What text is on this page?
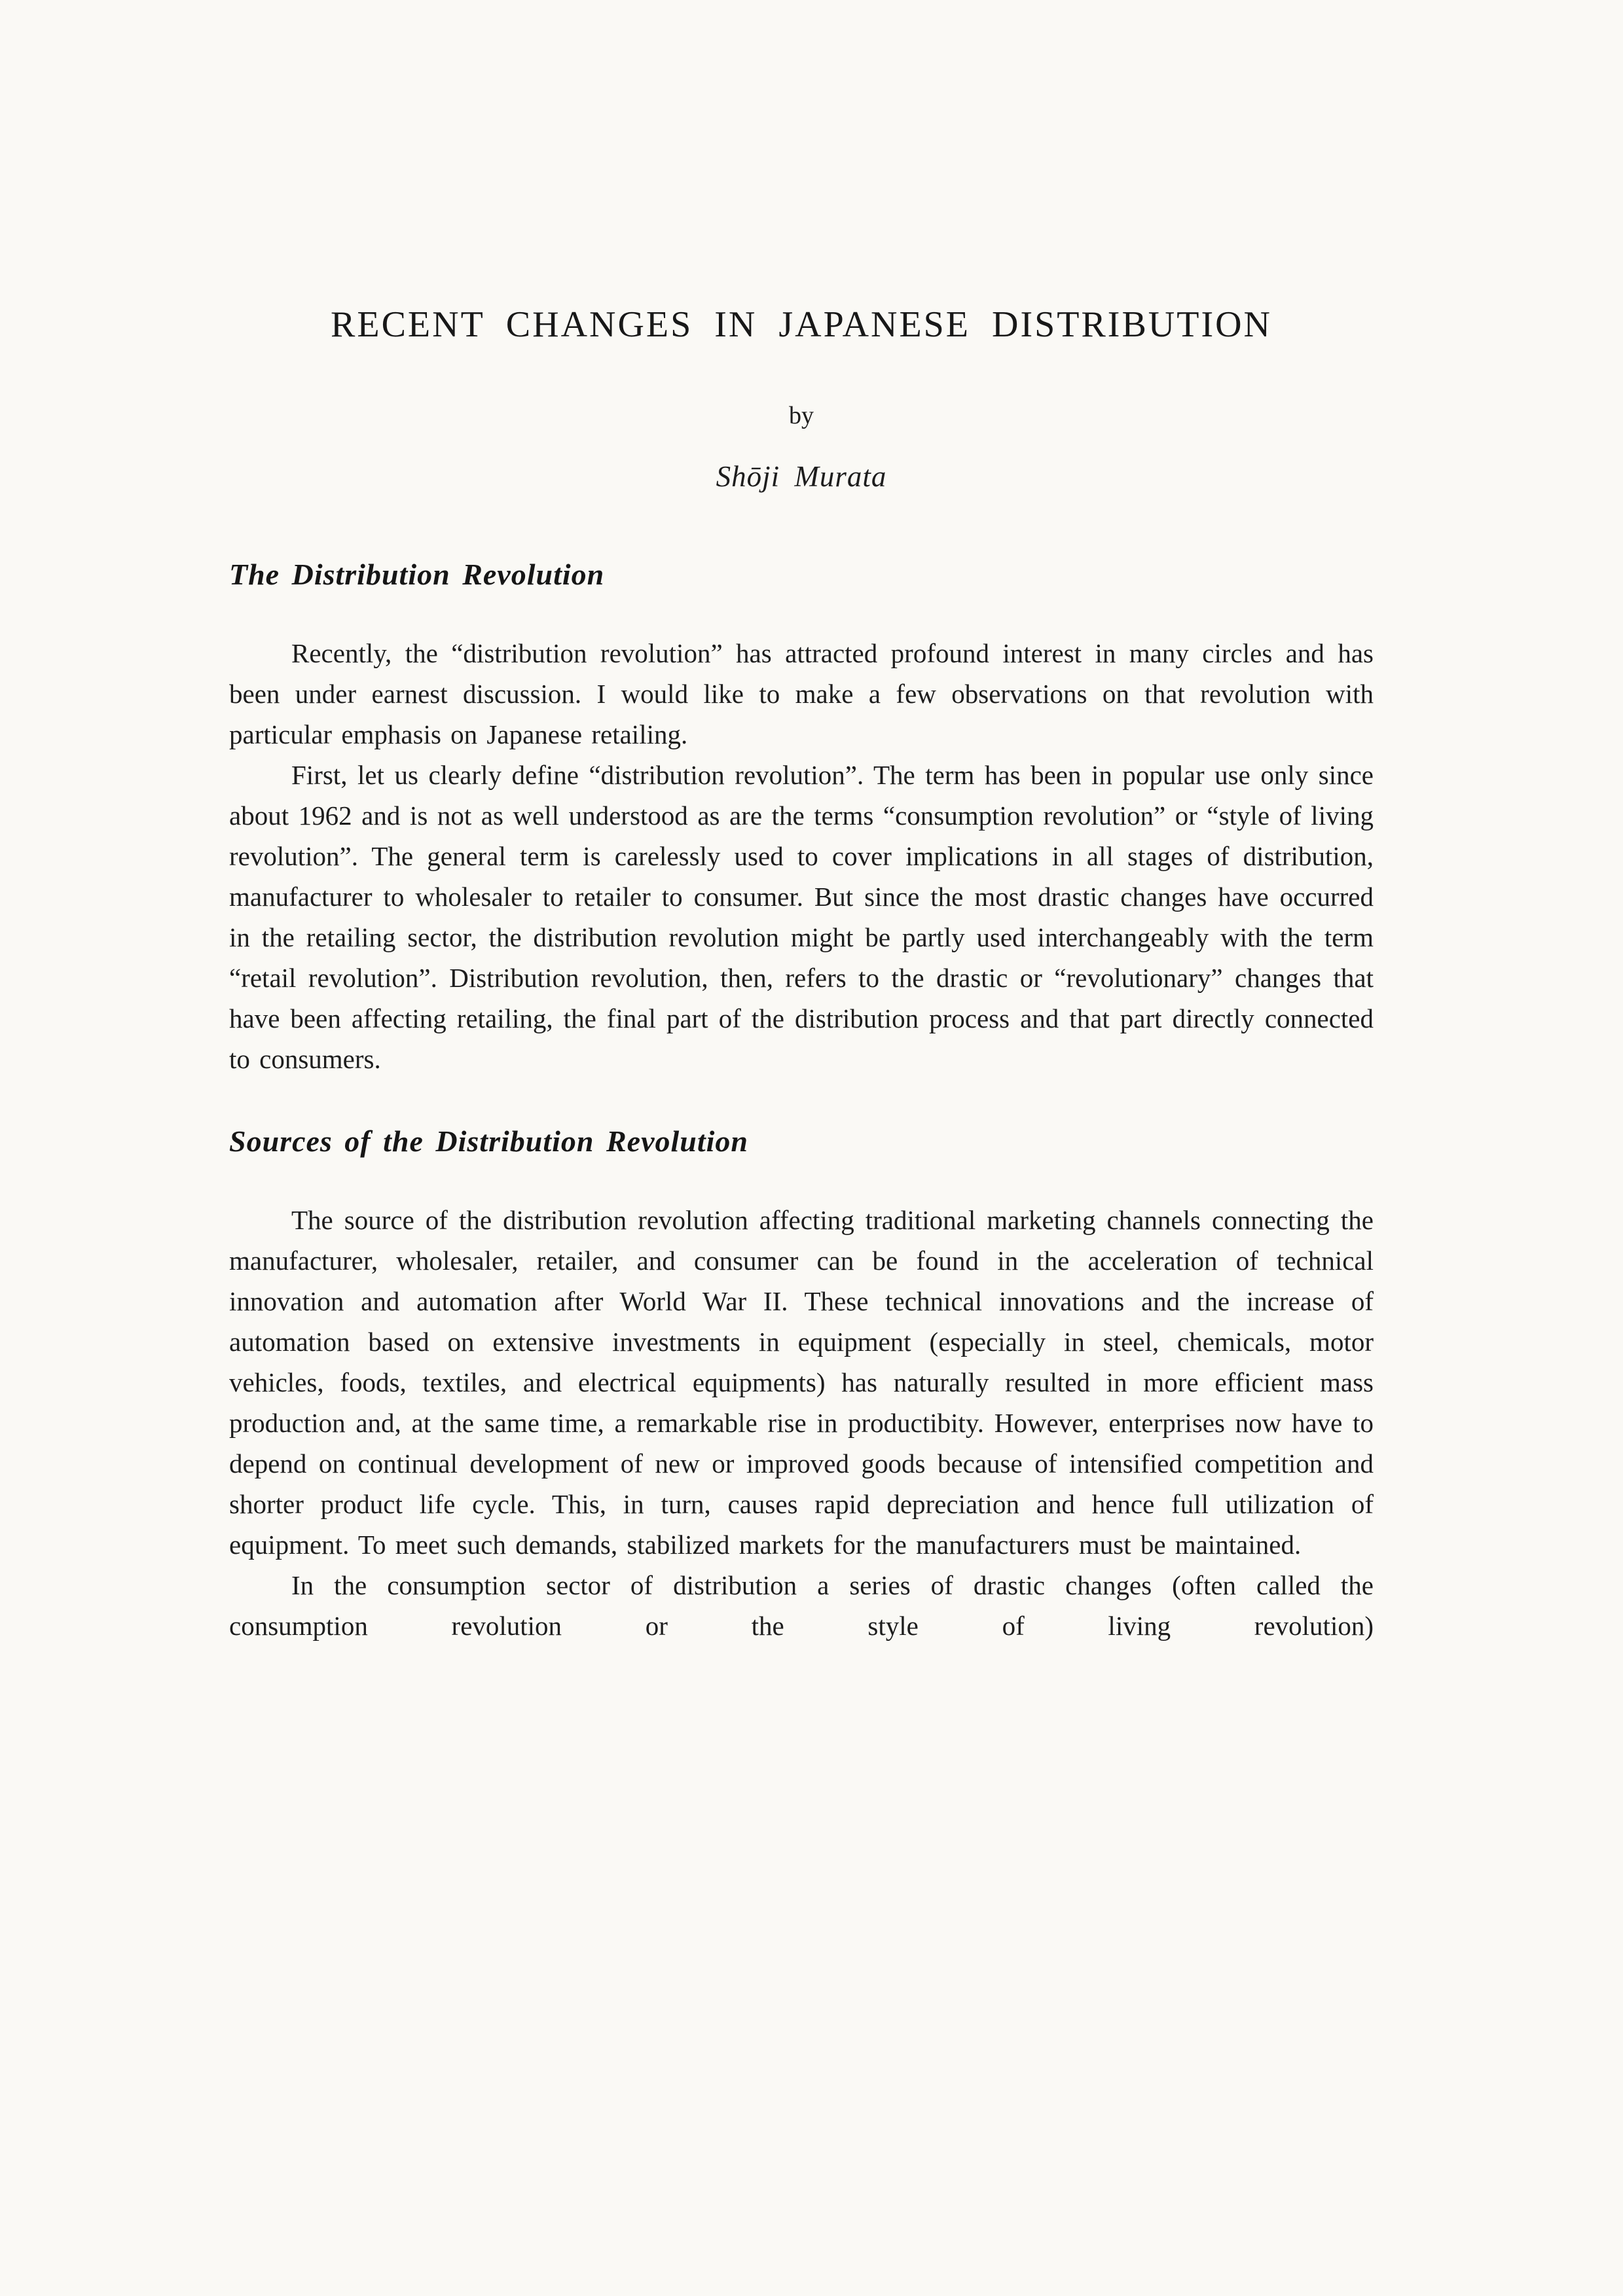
RECENT CHANGES IN JAPANESE DISTRIBUTION
by
Shōji Murata
The Distribution Revolution

Recently, the “distribution revolution” has attracted profound interest in many circles and has been under earnest discussion. I would like to make a few observations on that revolution with particular emphasis on Japanese retailing.

First, let us clearly define “distribution revolution”. The term has been in popular use only since about 1962 and is not as well understood as are the terms “consumption revolution” or “style of living revolution”. The general term is carelessly used to cover implications in all stages of distribution, manufacturer to wholesaler to retailer to consumer. But since the most drastic changes have occurred in the retailing sector, the distribution revolution might be partly used interchangeably with the term “retail revolution”. Distribution revolution, then, refers to the drastic or “revolutionary” changes that have been affecting retailing, the final part of the distribution process and that part directly connected to consumers.

Sources of the Distribution Revolution

The source of the distribution revolution affecting traditional marketing channels connecting the manufacturer, wholesaler, retailer, and consumer can be found in the acceleration of technical innovation and automation after World War II. These technical innovations and the increase of automation based on extensive investments in equipment (especially in steel, chemicals, motor vehicles, foods, textiles, and electrical equipments) has naturally resulted in more efficient mass production and, at the same time, a remarkable rise in productibity. However, enterprises now have to depend on continual development of new or improved goods because of intensified competition and shorter product life cycle. This, in turn, causes rapid depreciation and hence full utilization of equipment. To meet such demands, stabilized markets for the manufacturers must be maintained.

In the consumption sector of distribution a series of drastic changes (often called the consumption revolution or the style of living revolution)
